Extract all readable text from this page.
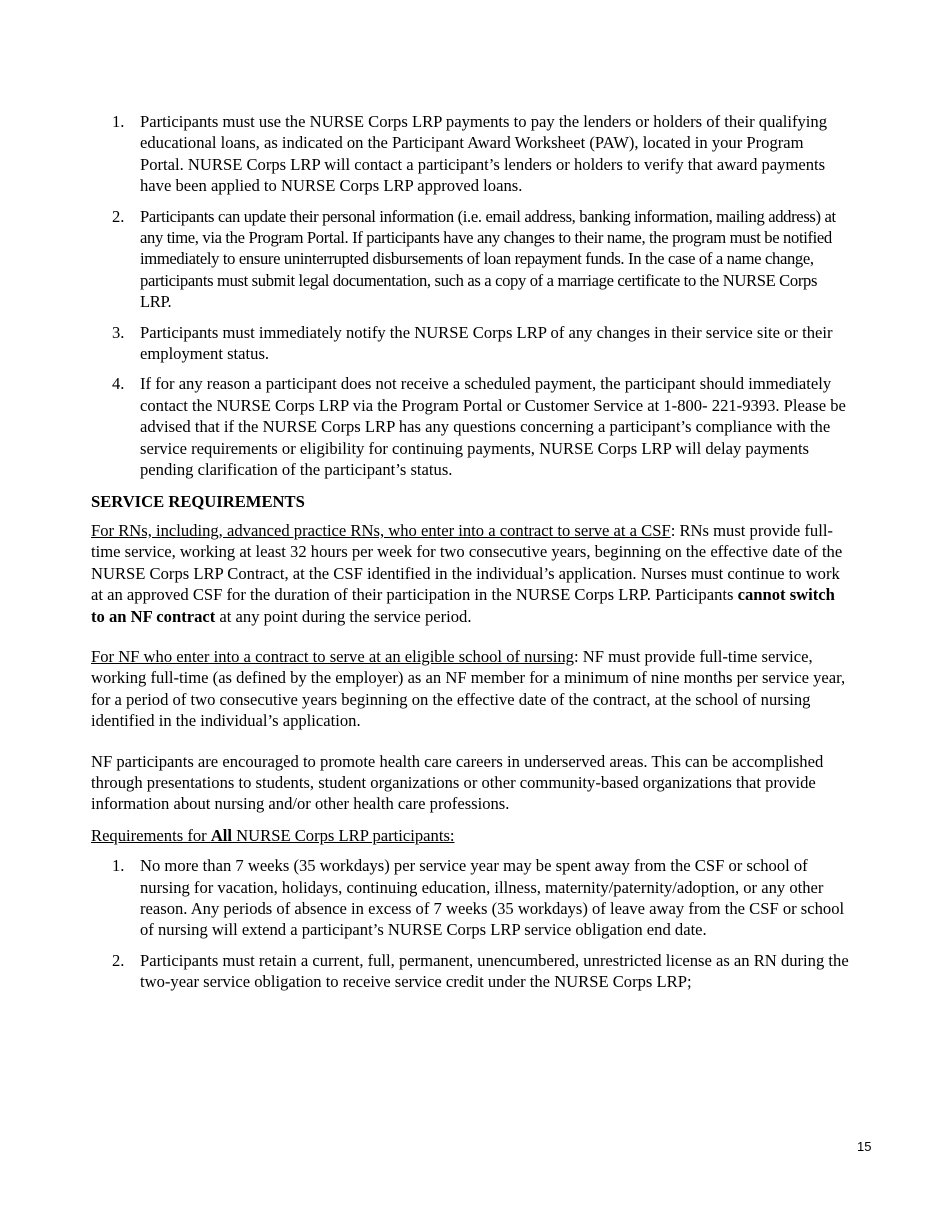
1. Participants must use the NURSE Corps LRP payments to pay the lenders or holders of their qualifying educational loans, as indicated on the Participant Award Worksheet (PAW), located in your Program Portal. NURSE Corps LRP will contact a participant’s lenders or holders to verify that award payments have been applied to NURSE Corps LRP approved loans.
2. Participants can update their personal information (i.e. email address, banking information, mailing address) at any time, via the Program Portal. If participants have any changes to their name, the program must be notified immediately to ensure uninterrupted disbursements of loan repayment funds. In the case of a name change, participants must submit legal documentation, such as a copy of a marriage certificate to the NURSE Corps LRP.
3. Participants must immediately notify the NURSE Corps LRP of any changes in their service site or their employment status.
4. If for any reason a participant does not receive a scheduled payment, the participant should immediately contact the NURSE Corps LRP via the Program Portal or Customer Service at 1-800- 221-9393. Please be advised that if the NURSE Corps LRP has any questions concerning a participant’s compliance with the service requirements or eligibility for continuing payments, NURSE Corps LRP will delay payments pending clarification of the participant’s status.

SERVICE REQUIREMENTS

For RNs, including, advanced practice RNs, who enter into a contract to serve at a CSF: RNs must provide full-time service, working at least 32 hours per week for two consecutive years, beginning on the effective date of the NURSE Corps LRP Contract, at the CSF identified in the individual’s application. Nurses must continue to work at an approved CSF for the duration of their participation in the NURSE Corps LRP. Participants cannot switch to an NF contract at any point during the service period.

For NF who enter into a contract to serve at an eligible school of nursing: NF must provide full-time service, working full-time (as defined by the employer) as an NF member for a minimum of nine months per service year, for a period of two consecutive years beginning on the effective date of the contract, at the school of nursing identified in the individual’s application.

NF participants are encouraged to promote health care careers in underserved areas. This can be accomplished through presentations to students, student organizations or other community-based organizations that provide information about nursing and/or other health care professions.

Requirements for All NURSE Corps LRP participants:

1. No more than 7 weeks (35 workdays) per service year may be spent away from the CSF or school of nursing for vacation, holidays, continuing education, illness, maternity/paternity/adoption, or any other reason. Any periods of absence in excess of 7 weeks (35 workdays) of leave away from the CSF or school of nursing will extend a participant’s NURSE Corps LRP service obligation end date.
2. Participants must retain a current, full, permanent, unencumbered, unrestricted license as an RN during the two-year service obligation to receive service credit under the NURSE Corps LRP;
15
